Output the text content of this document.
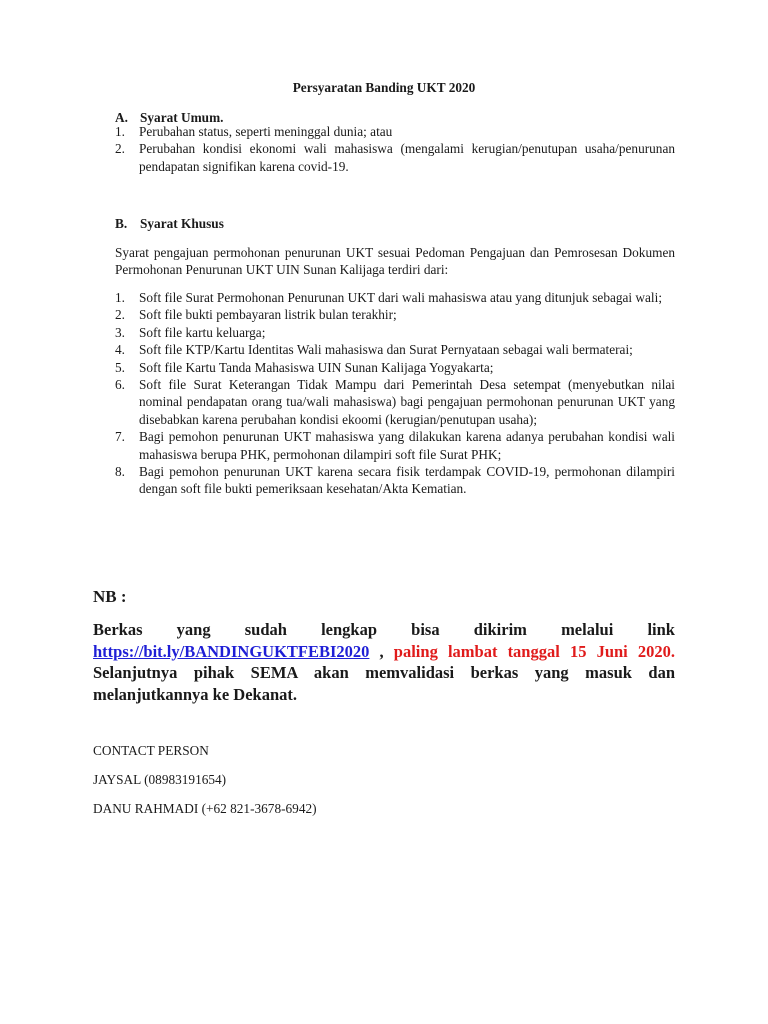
Persyaratan Banding UKT 2020
A. Syarat Umum.
1. Perubahan status, seperti meninggal dunia; atau
2. Perubahan kondisi ekonomi wali mahasiswa (mengalami kerugian/penutupan usaha/penurunan pendapatan signifikan karena covid-19.
B. Syarat Khusus
Syarat pengajuan permohonan penurunan UKT sesuai Pedoman Pengajuan dan Pemrosesan Dokumen Permohonan Penurunan UKT UIN Sunan Kalijaga terdiri dari:
1. Soft file Surat Permohonan Penurunan UKT dari wali mahasiswa atau yang ditunjuk sebagai wali;
2. Soft file bukti pembayaran listrik bulan terakhir;
3. Soft file kartu keluarga;
4. Soft file KTP/Kartu Identitas Wali mahasiswa dan Surat Pernyataan sebagai wali bermaterai;
5. Soft file Kartu Tanda Mahasiswa UIN Sunan Kalijaga Yogyakarta;
6. Soft file Surat Keterangan Tidak Mampu dari Pemerintah Desa setempat (menyebutkan nilai nominal pendapatan orang tua/wali mahasiswa) bagi pengajuan permohonan penurunan UKT yang disebabkan karena perubahan kondisi ekoomi (kerugian/penutupan usaha);
7. Bagi pemohon penurunan UKT mahasiswa yang dilakukan karena adanya perubahan kondisi wali mahasiswa berupa PHK, permohonan dilampiri soft file Surat PHK;
8. Bagi pemohon penurunan UKT karena secara fisik terdampak COVID-19, permohonan dilampiri dengan soft file bukti pemeriksaan kesehatan/Akta Kematian.
NB :
Berkas yang sudah lengkap bisa dikirim melalui link https://bit.ly/BANDINGUKTFEBI2020 , paling lambat tanggal 15 Juni 2020. Selanjutnya pihak SEMA akan memvalidasi berkas yang masuk dan melanjutkannya ke Dekanat.
CONTACT PERSON
JAYSAL (08983191654)
DANU RAHMADI (+62 821-3678-6942)
